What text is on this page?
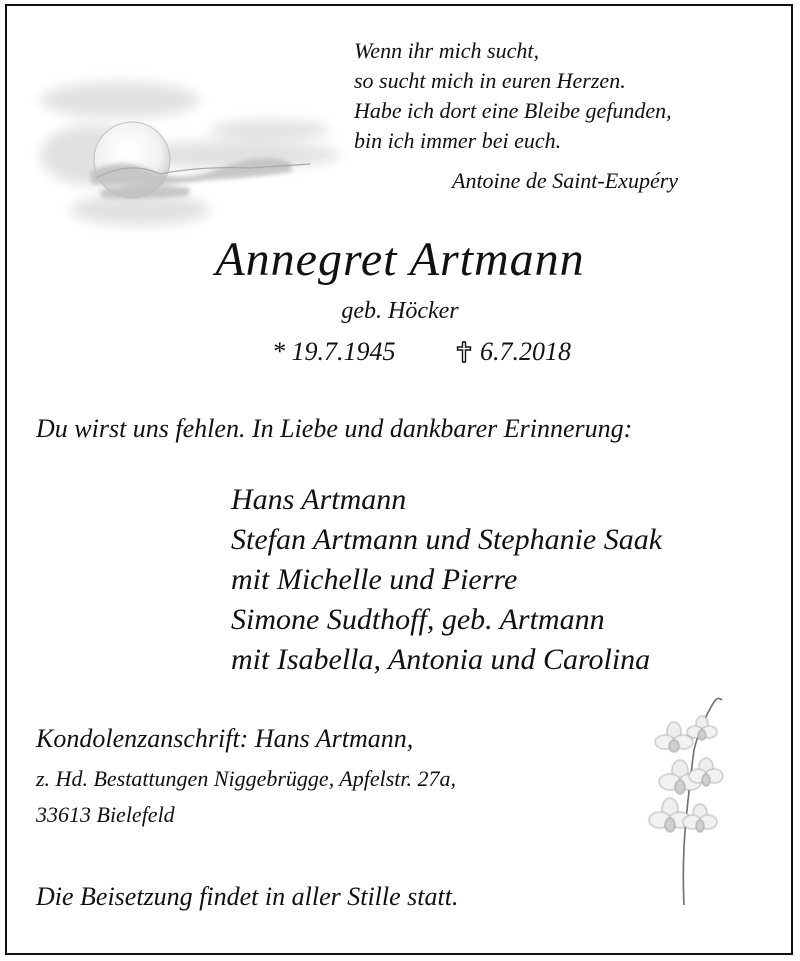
Wenn ihr mich sucht,
so sucht mich in euren Herzen.
Habe ich dort eine Bleibe gefunden,
bin ich immer bei euch.
Antoine de Saint-Exupéry
Annegret Artmann
geb. Höcker
* 19.7.1945	6.7.2018
Du wirst uns fehlen. In Liebe und dankbarer Erinnerung:
Hans Artmann
Stefan Artmann und Stephanie Saak
mit Michelle und Pierre
Simone Sudthoff, geb. Artmann
mit Isabella, Antonia und Carolina
Kondolenzanschrift: Hans Artmann,
z. Hd. Bestattungen Niggebrügge, Apfelstr. 27a,
33613 Bielefeld
Die Beisetzung findet in aller Stille statt.
